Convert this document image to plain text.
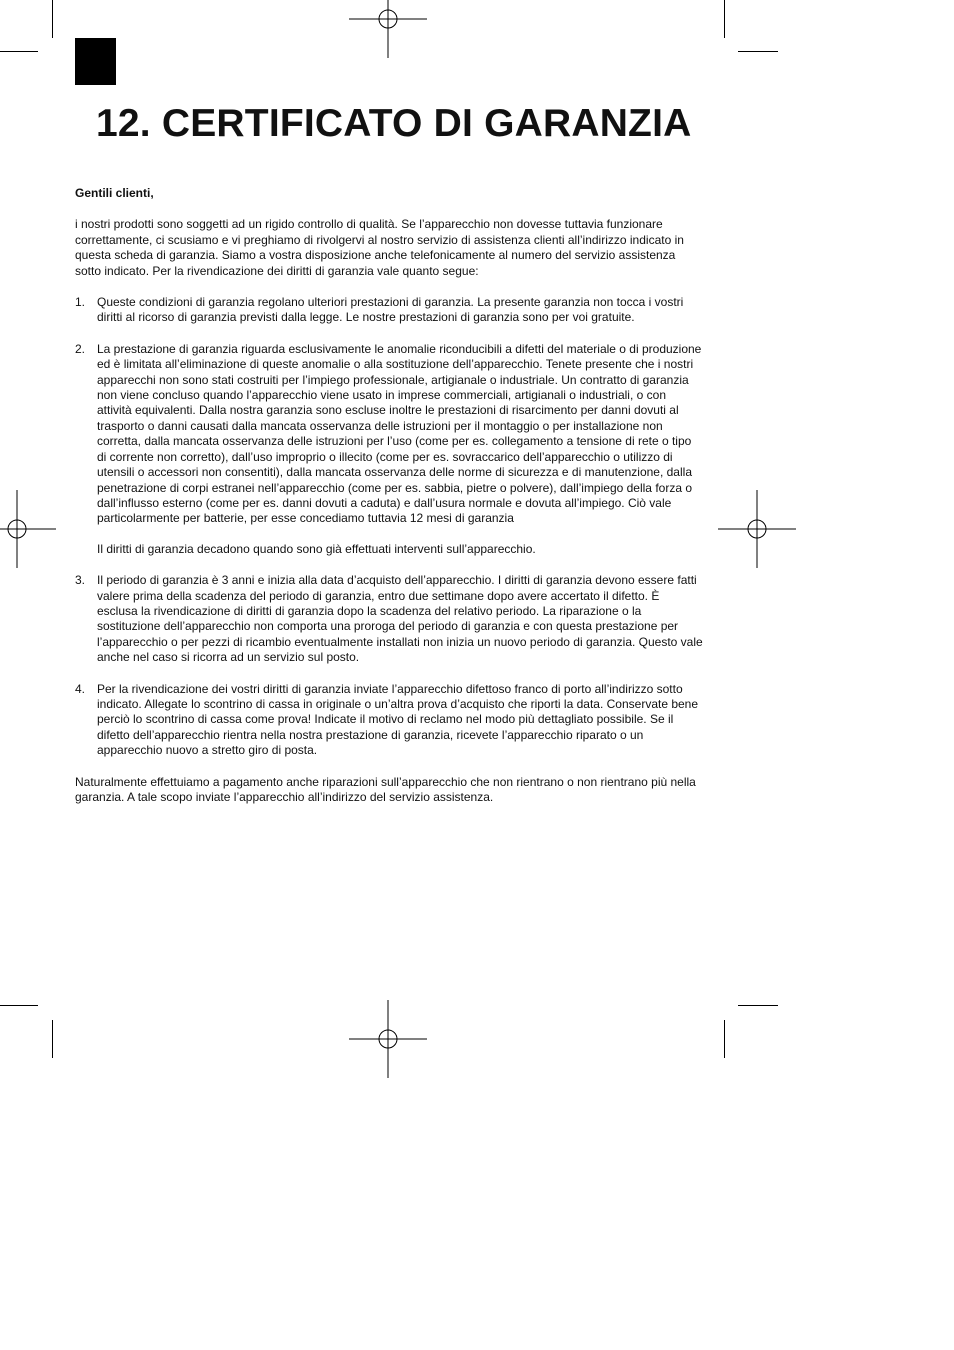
12. CERTIFICATO DI GARANZIA

Gentili clienti,

i nostri prodotti sono soggetti ad un rigido controllo di qualità. Se l’apparecchio non dovesse tuttavia funzionare correttamente, ci scusiamo e vi preghiamo di rivolgervi al nostro servizio di assistenza clienti all’indirizzo indicato in questa scheda di garanzia. Siamo a vostra disposizione anche telefonicamente al numero del servizio assistenza sotto indicato. Per la rivendicazione dei diritti di garanzia vale quanto segue:

1. Queste condizioni di garanzia regolano ulteriori prestazioni di garanzia. La presente garanzia non tocca i vostri diritti al ricorso di garanzia previsti dalla legge. Le nostre prestazioni di garanzia sono per voi gratuite.

2. La prestazione di garanzia riguarda esclusivamente le anomalie riconducibili a difetti del materiale o di produzione ed è limitata all’eliminazione di queste anomalie o alla sostituzione dell’apparecchio. Tenete presente che i nostri apparecchi non sono stati costruiti per l’impiego professionale, artigianale o industriale. Un contratto di garanzia non viene concluso quando l’apparecchio viene usato in imprese commerciali, artigianali o industriali, o con attività equivalenti. Dalla nostra garanzia sono escluse inoltre le prestazioni di risarcimento per danni dovuti al trasporto o danni causati dalla mancata osservanza delle istruzioni per il montaggio o per installazione non corretta, dalla mancata osservanza delle istruzioni per l’uso (come per es. collegamento a tensione di rete o tipo di corrente non corretto), dall’uso improprio o illecito (come per es. sovraccarico dell’apparecchio o utilizzo di utensili o accessori non consentiti), dalla mancata osservanza delle norme di sicurezza e di manutenzione, dalla penetrazione di corpi estranei nell’apparecchio (come per es. sabbia, pietre o polvere), dall’impiego della forza o dall’influsso esterno (come per es. danni dovuti a caduta) e dall’usura normale e dovuta all’impiego. Ciò vale particolarmente per batterie, per esse concediamo tuttavia 12 mesi di garanzia

Il diritti di garanzia decadono quando sono già effettuati interventi sull’apparecchio.

3. Il periodo di garanzia è 3 anni e inizia alla data d’acquisto dell’apparecchio. I diritti di garanzia devono essere fatti valere prima della scadenza del periodo di garanzia, entro due settimane dopo avere accertato il difetto. È esclusa la rivendicazione di diritti di garanzia dopo la scadenza del relativo periodo. La riparazione o la sostituzione dell’apparecchio non comporta una proroga del periodo di garanzia e con questa prestazione per l’apparecchio o per pezzi di ricambio eventualmente installati non inizia un nuovo periodo di garanzia. Questo vale anche nel caso si ricorra ad un servizio sul posto.

4. Per la rivendicazione dei vostri diritti di garanzia inviate l’apparecchio difettoso franco di porto all’indirizzo sotto indicato. Allegate lo scontrino di cassa in originale o un’altra prova d’acquisto che riporti la data. Conservate bene perciò lo scontrino di cassa come prova! Indicate il motivo di reclamo nel modo più dettagliato possibile. Se il difetto dell’apparecchio rientra nella nostra prestazione di garanzia, ricevete l’apparecchio riparato o un apparecchio nuovo a stretto giro di posta.

Naturalmente effettuiamo a pagamento anche riparazioni sull’apparecchio che non rientrano o non rientrano più nella garanzia. A tale scopo inviate l’apparecchio all’indirizzo del servizio assistenza.
